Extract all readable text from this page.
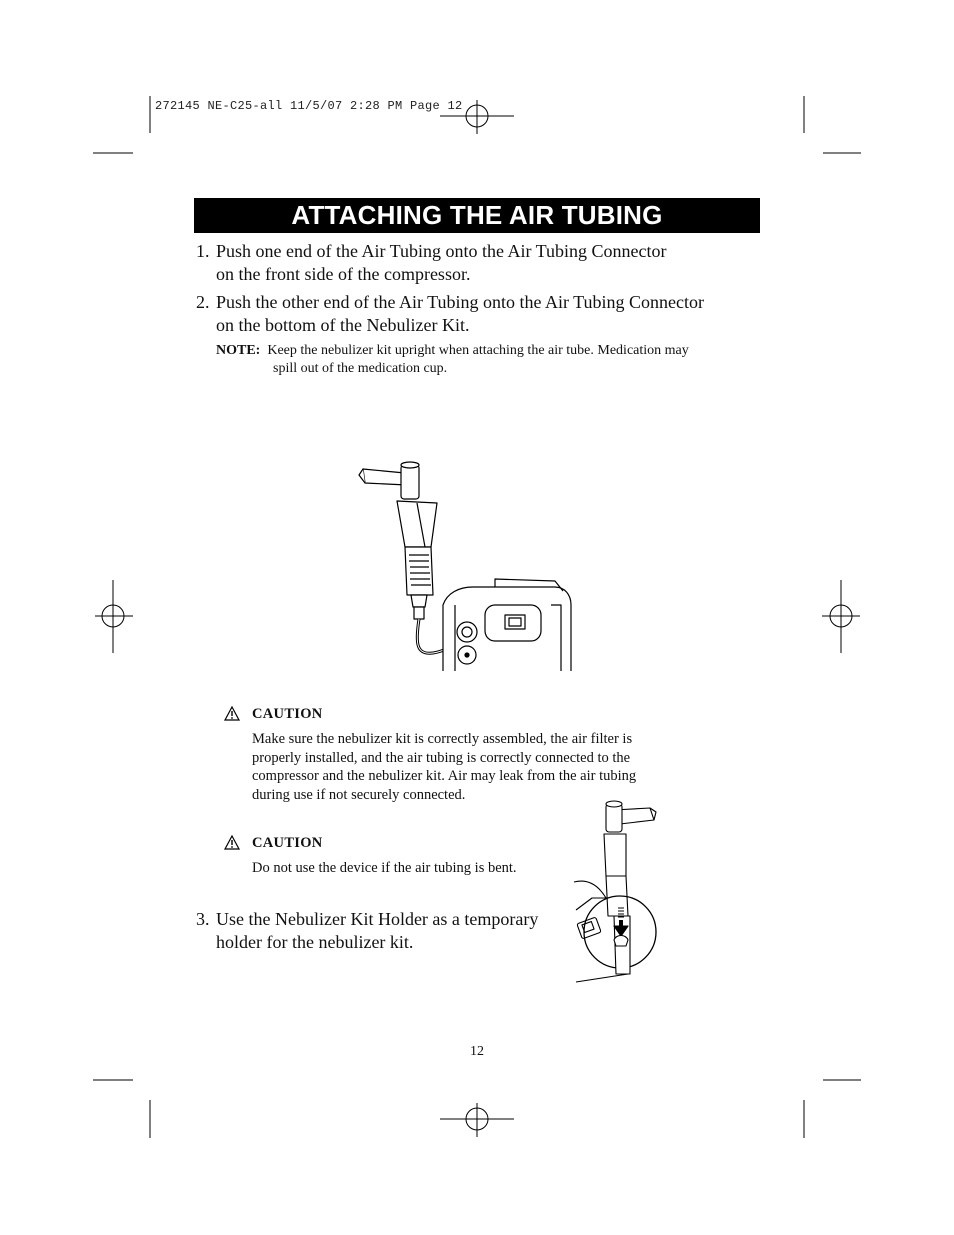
272145 NE-C25-all 11/5/07 2:28 PM Page 12
ATTACHING THE AIR TUBING
1. Push one end of the Air Tubing onto the Air Tubing Connector
on the front side of the compressor.
2. Push the other end of the Air Tubing onto the Air Tubing Connector
on the bottom of the Nebulizer Kit.
NOTE: Keep the nebulizer kit upright when attaching the air tube. Medication may
spill out of the medication cup.
CAUTION
Make sure the nebulizer kit is correctly assembled, the air filter is
properly installed, and the air tubing is correctly connected to the
compressor and the nebulizer kit. Air may leak from the air tubing
during use if not securely connected.
CAUTION
Do not use the device if the air tubing is bent.
3. Use the Nebulizer Kit Holder as a temporary
holder for the nebulizer kit.
12
